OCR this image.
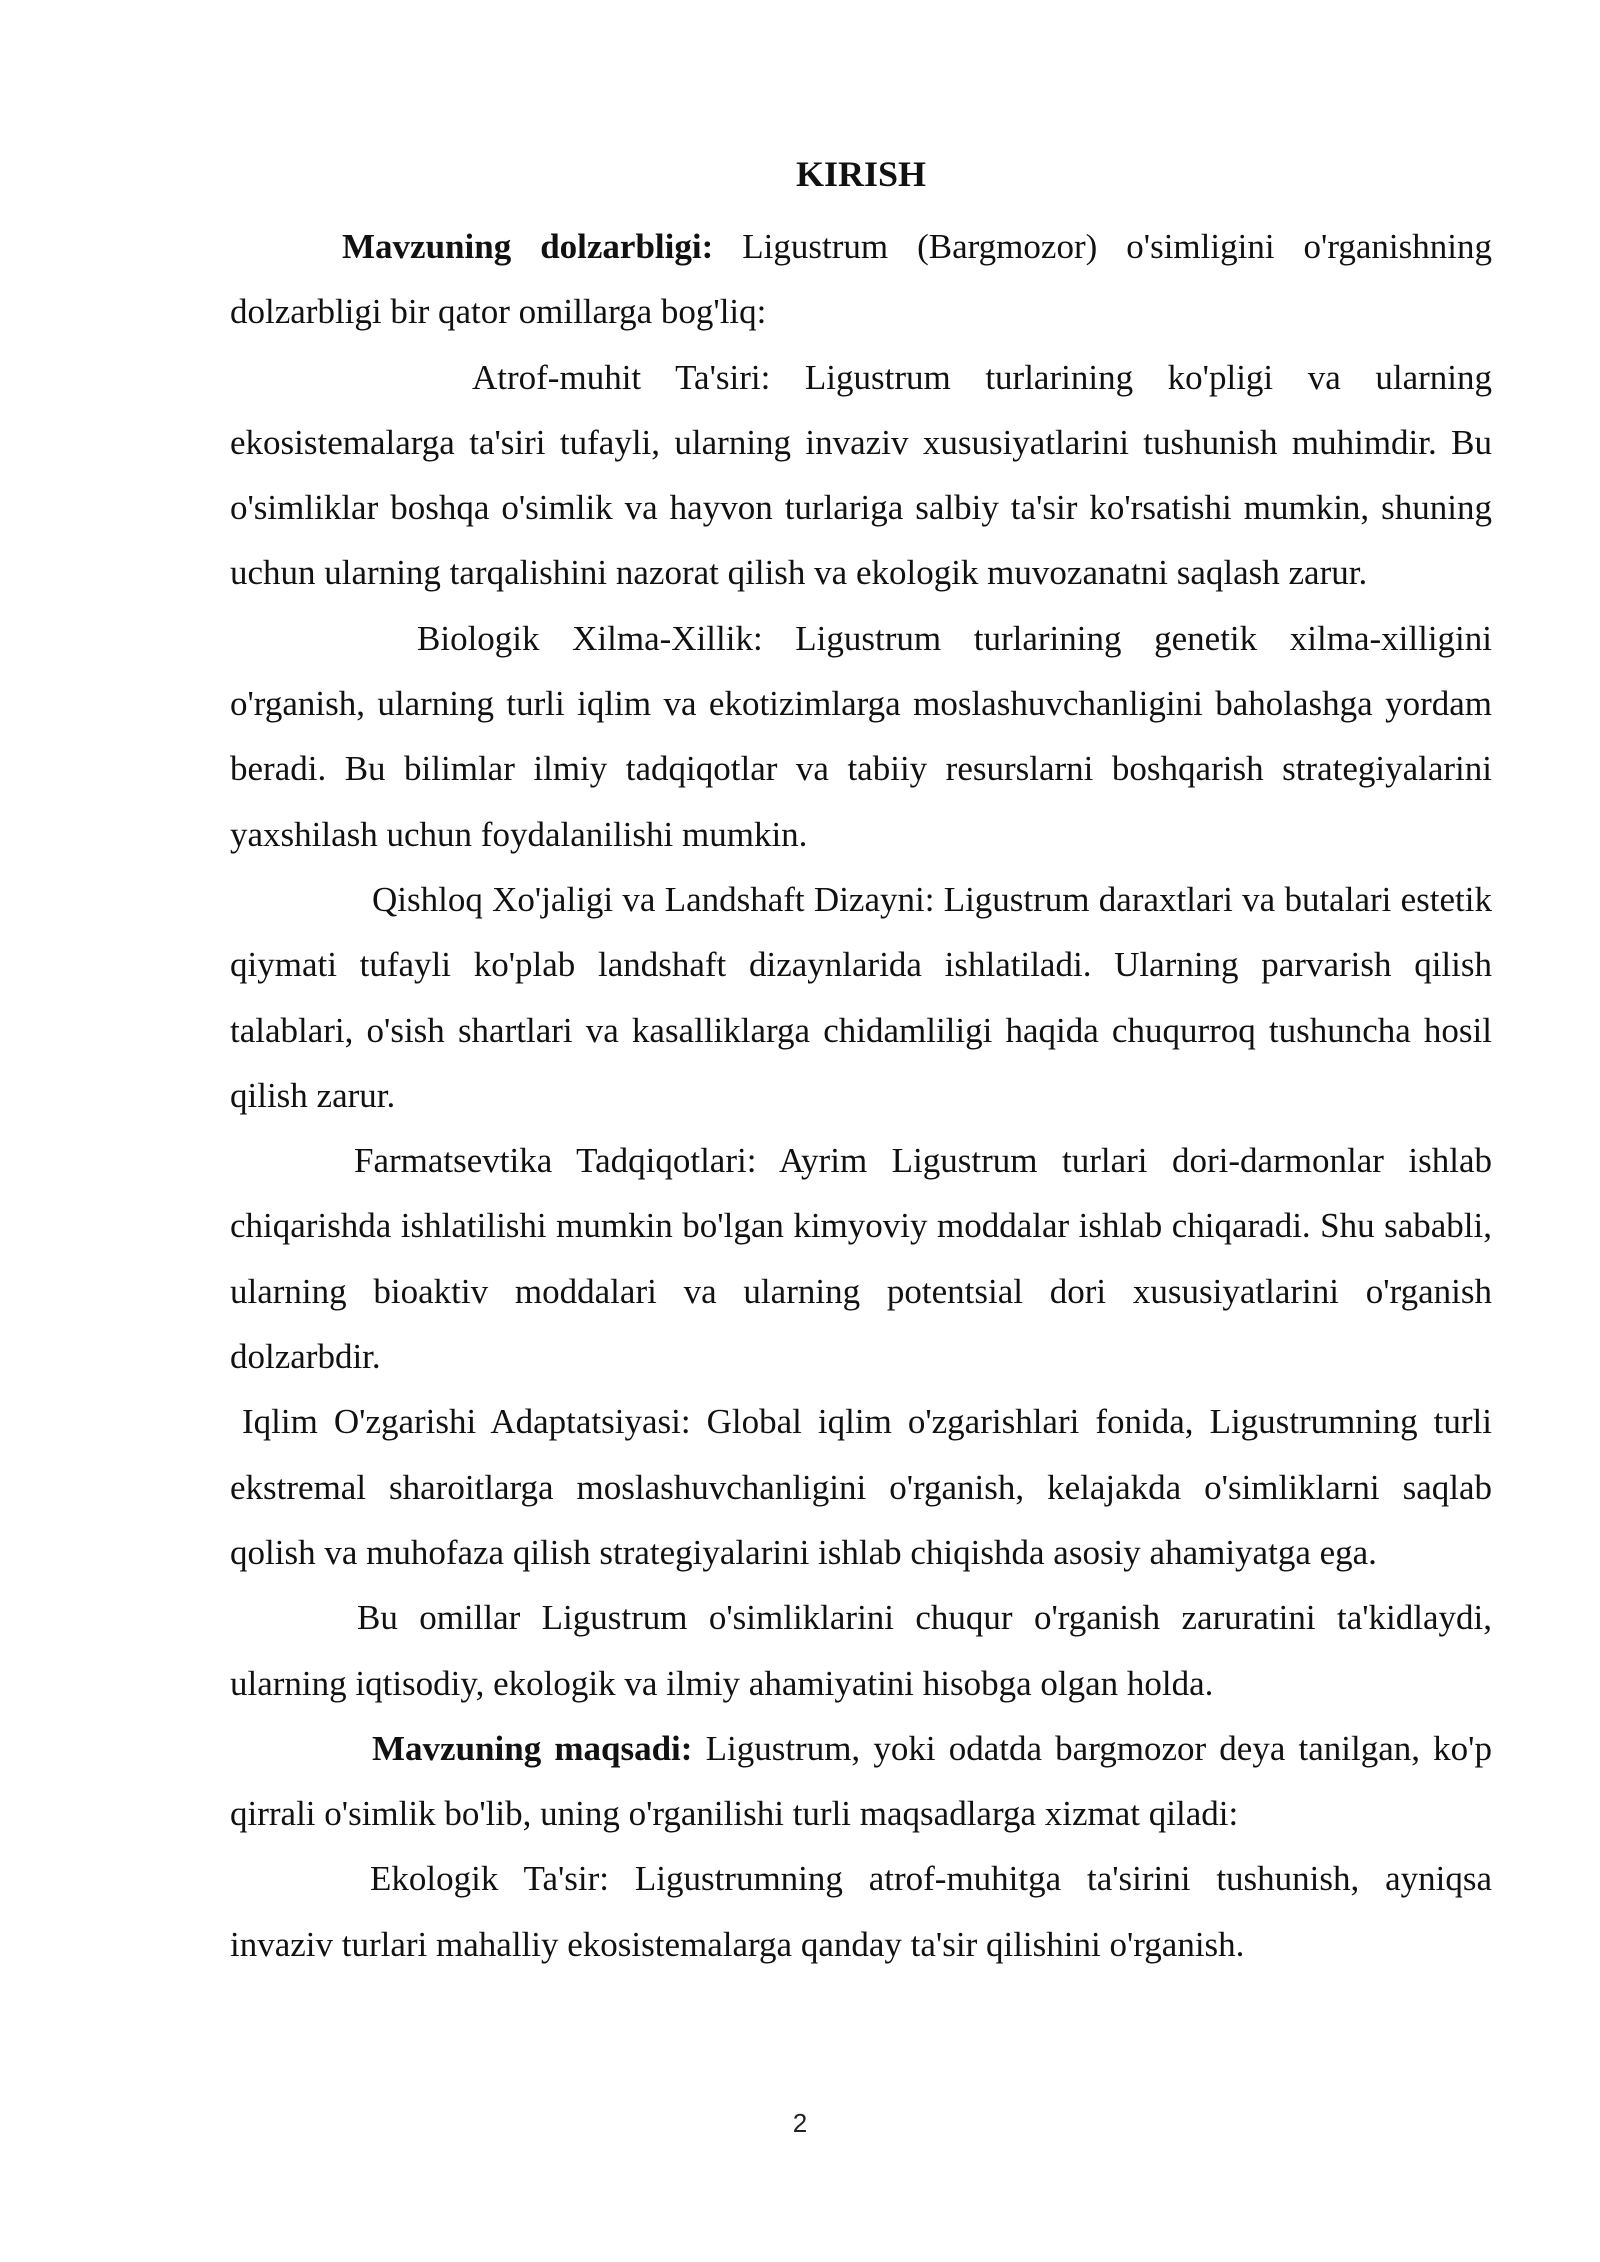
KIRISH

Mavzuning dolzarbligi: Ligustrum (Bargmozor) o'simligini o'rganishning dolzarbligi bir qator omillarga bog'liq:

Atrof-muhit Ta'siri: Ligustrum turlarining ko'pligi va ularning ekosistemalarga ta'siri tufayli, ularning invaziv xususiyatlarini tushunish muhimdir. Bu o'simliklar boshqa o'simlik va hayvon turlariga salbiy ta'sir ko'rsatishi mumkin, shuning uchun ularning tarqalishini nazorat qilish va ekologik muvozanatni saqlash zarur.

Biologik Xilma-Xillik: Ligustrum turlarining genetik xilma-xilligini o'rganish, ularning turli iqlim va ekotizimlarga moslashuvchanligini baholashga yordam beradi. Bu bilimlar ilmiy tadqiqotlar va tabiiy resurslarni boshqarish strategiyalarini yaxshilash uchun foydalanilishi mumkin.

Qishloq Xo'jaligi va Landshaft Dizayni: Ligustrum daraxtlari va butalari estetik qiymati tufayli ko'plab landshaft dizaynlarida ishlatiladi. Ularning parvarish qilish talablari, o'sish shartlari va kasalliklarga chidamliligi haqida chuqurroq tushuncha hosil qilish zarur.

Farmatsevtika Tadqiqotlari: Ayrim Ligustrum turlari dori-darmonlar ishlab chiqarishda ishlatilishi mumkin bo'lgan kimyoviy moddalar ishlab chiqaradi. Shu sababli, ularning bioaktiv moddalari va ularning potentsial dori xususiyatlarini o'rganish dolzarbdir.

Iqlim O'zgarishi Adaptatsiyasi: Global iqlim o'zgarishlari fonida, Ligustrumning turli ekstremal sharoitlarga moslashuvchanligini o'rganish, kelajakda o'simliklarni saqlab qolish va muhofaza qilish strategiyalarini ishlab chiqishda asosiy ahamiyatga ega.

Bu omillar Ligustrum o'simliklarini chuqur o'rganish zaruratini ta'kidlaydi, ularning iqtisodiy, ekologik va ilmiy ahamiyatini hisobga olgan holda.

Mavzuning maqsadi: Ligustrum, yoki odatda bargmozor deya tanilgan, ko'p qirrali o'simlik bo'lib, uning o'rganilishi turli maqsadlarga xizmat qiladi:

Ekologik Ta'sir: Ligustrumning atrof-muhitga ta'sirini tushunish, ayniqsa invaziv turlari mahalliy ekosistemalarga qanday ta'sir qilishini o'rganish.

2
